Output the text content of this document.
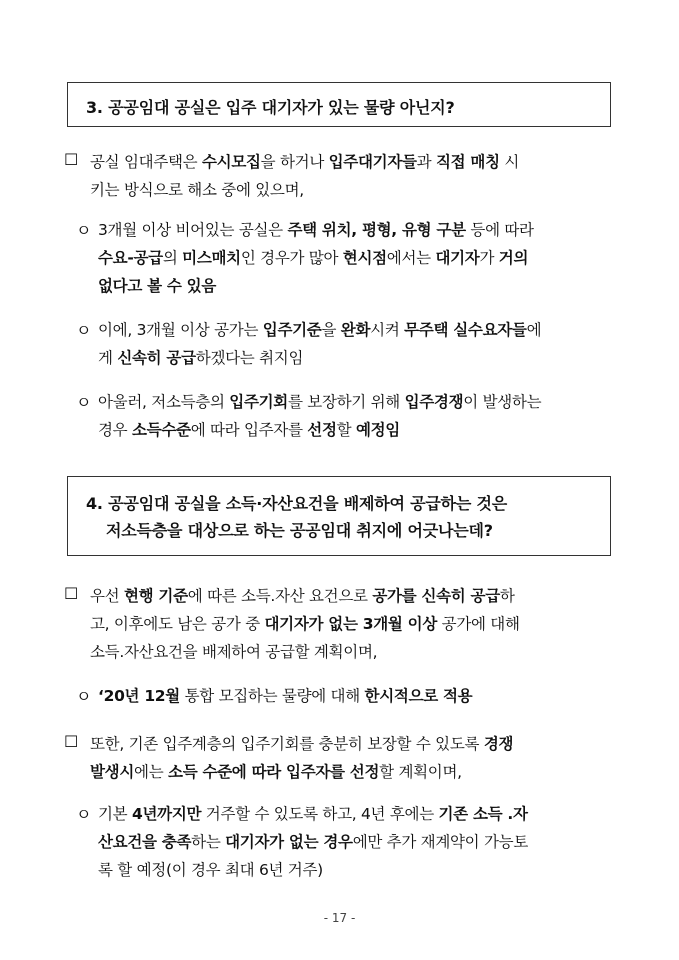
3. 공공임대 공실은 입주 대기자가 있는 물량 아닌지?
☐ 공실 임대주택은 수시모집을 하거나 입주대기자들과 직접 매칭 시
키는 방식으로 해소 중에 있으며,
ㅇ 3개월 이상 비어있는 공실은 주택 위치, 평형, 유형 구분 등에 따라
수요-공급의 미스매치인 경우가 많아 현시점에서는 대기자가 거의
없다고 볼 수 있음
ㅇ 이에, 3개월 이상 공가는 입주기준을 완화시켜 무주택 실수요자들에
게 신속히 공급하겠다는 취지임
ㅇ 아울러, 저소득층의 입주기회를 보장하기 위해 입주경쟁이 발생하는
경우 소득수준에 따라 입주자를 선정할 예정임
4. 공공임대 공실을 소득·자산요건을 배제하여 공급하는 것은
저소득층을 대상으로 하는 공공임대 취지에 어긋나는데?
☐ 우선 현행 기준에 따른 소득.자산 요건으로 공가를 신속히 공급하
고, 이후에도 남은 공가 중 대기자가 없는 3개월 이상 공가에 대해
소득.자산요건을 배제하여 공급할 계획이며,
ㅇ ‘20년 12월 통합 모집하는 물량에 대해 한시적으로 적용
☐ 또한, 기존 입주계층의 입주기회를 충분히 보장할 수 있도록 경쟁
발생시에는 소득 수준에 따라 입주자를 선정할 계획이며,
ㅇ 기본 4년까지만 거주할 수 있도록 하고, 4년 후에는 기존 소득 .자
산요건을 충족하는 대기자가 없는 경우에만 추가 재계약이 가능토
록 할 예정(이 경우 최대 6년 거주)
- 17 -
